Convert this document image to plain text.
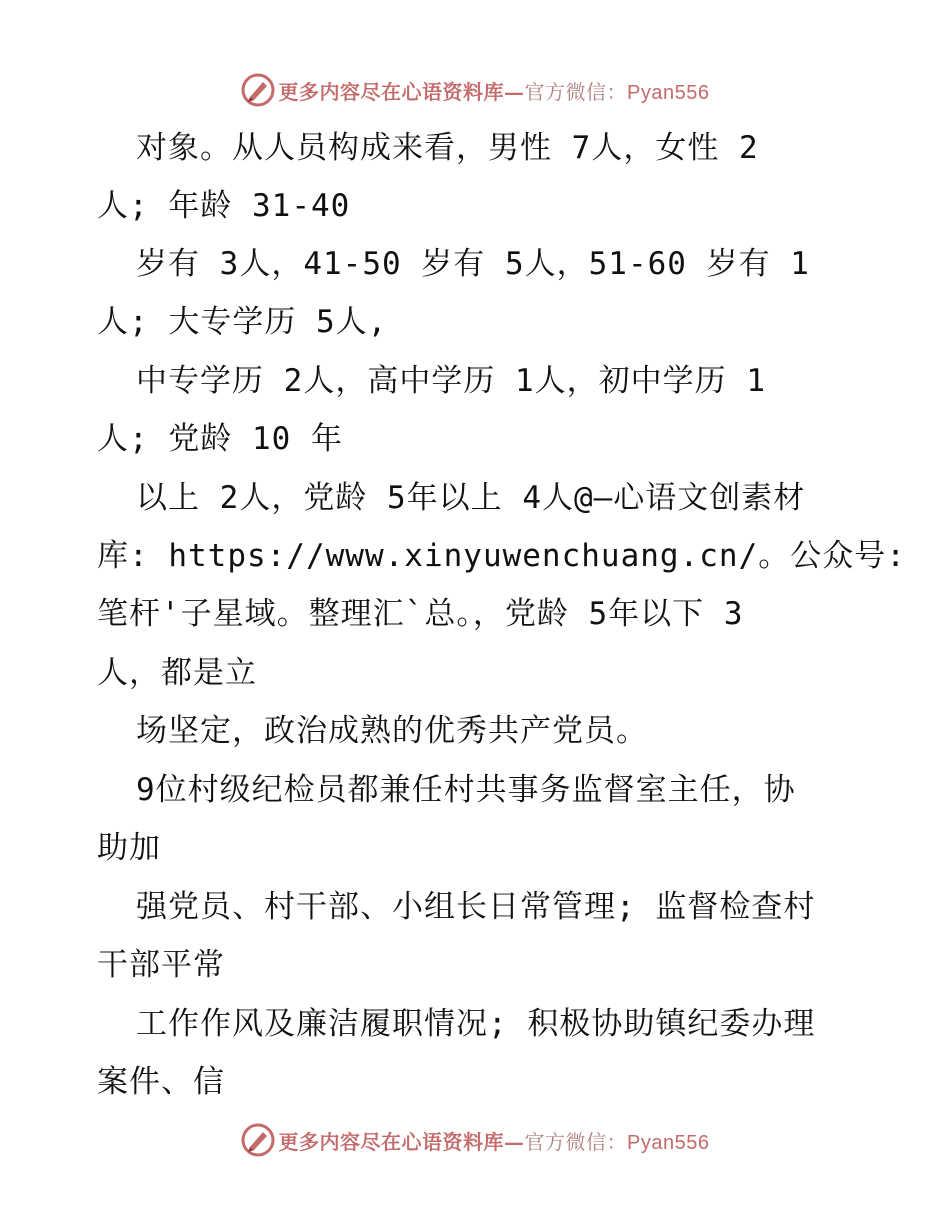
更多内容尽在心语资料库—官方微信：Pyan556
对象。从人员构成来看，男性 7人，女性 2
人; 年龄 31-40
岁有 3人，41-50 岁有 5人，51-60 岁有 1
人; 大专学历 5人,
中专学历 2人，高中学历 1人，初中学历 1
人; 党龄 10 年
以上 2人，党龄 5年以上 4人@—心语文创素材
库: https://www.xinyuwenchuang.cn/。公众号:
笔杆'子星域。整理汇`总。，党龄 5年以下 3
人，都是立
场坚定，政治成熟的优秀共产党员。
9位村级纪检员都兼任村共事务监督室主任，协
助加
强党员、村干部、小组长日常管理; 监督检查村
干部平常
工作作风及廉洁履职情况; 积极协助镇纪委办理
案件、信
更多内容尽在心语资料库—官方微信：Pyan556
